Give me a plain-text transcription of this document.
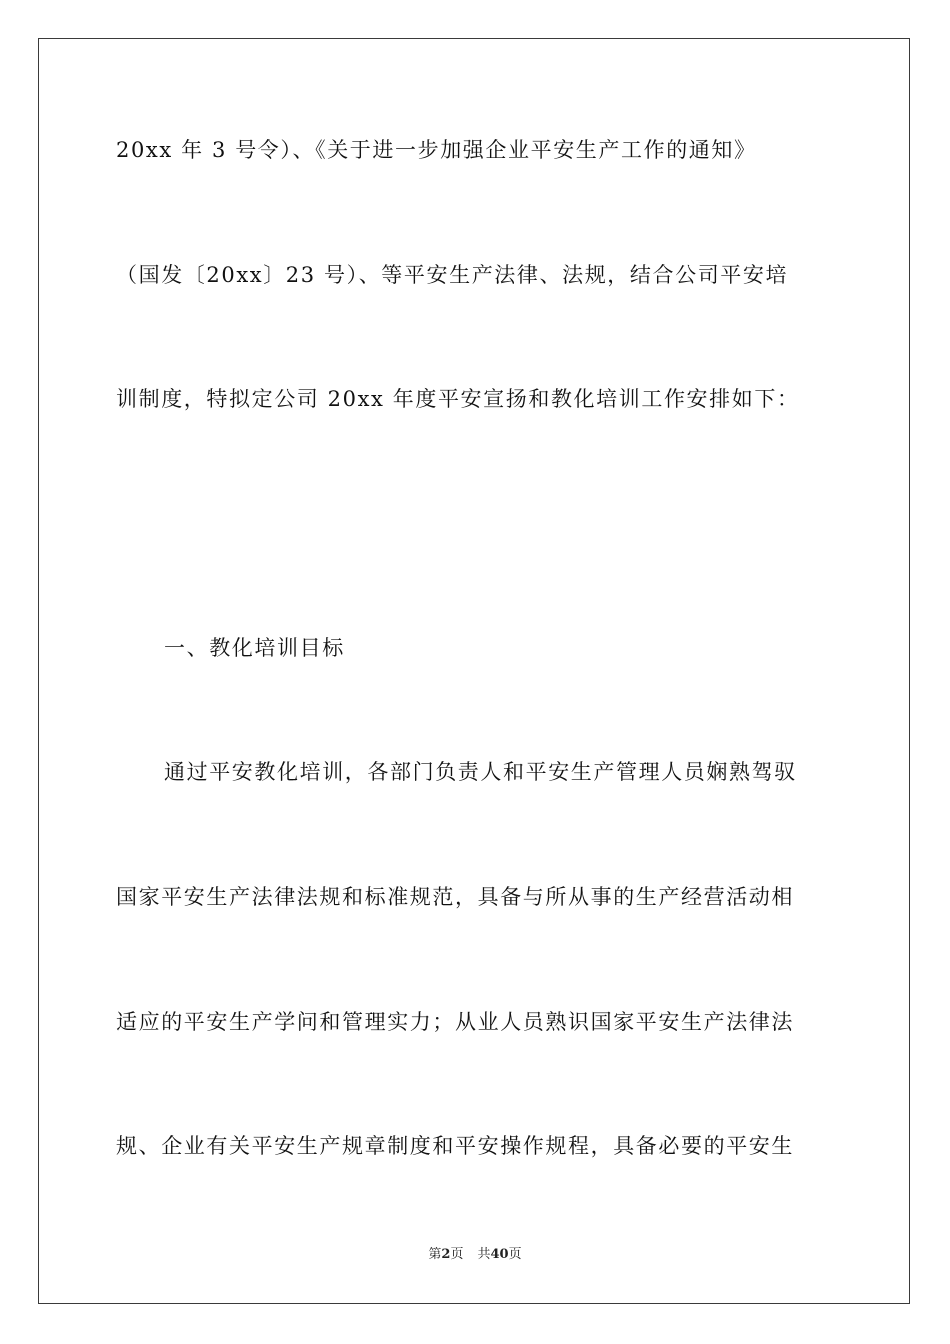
20xx 年 3 号令）、《关于进一步加强企业平安生产工作的通知》
（国发〔20xx〕23 号）、等平安生产法律、法规，结合公司平安培
训制度，特拟定公司 20xx 年度平安宣扬和教化培训工作安排如下：
一、教化培训目标
通过平安教化培训，各部门负责人和平安生产管理人员娴熟驾驭
国家平安生产法律法规和标准规范，具备与所从事的生产经营活动相
适应的平安生产学问和管理实力；从业人员熟识国家平安生产法律法
规、企业有关平安生产规章制度和平安操作规程，具备必要的平安生
第2页 共40页
